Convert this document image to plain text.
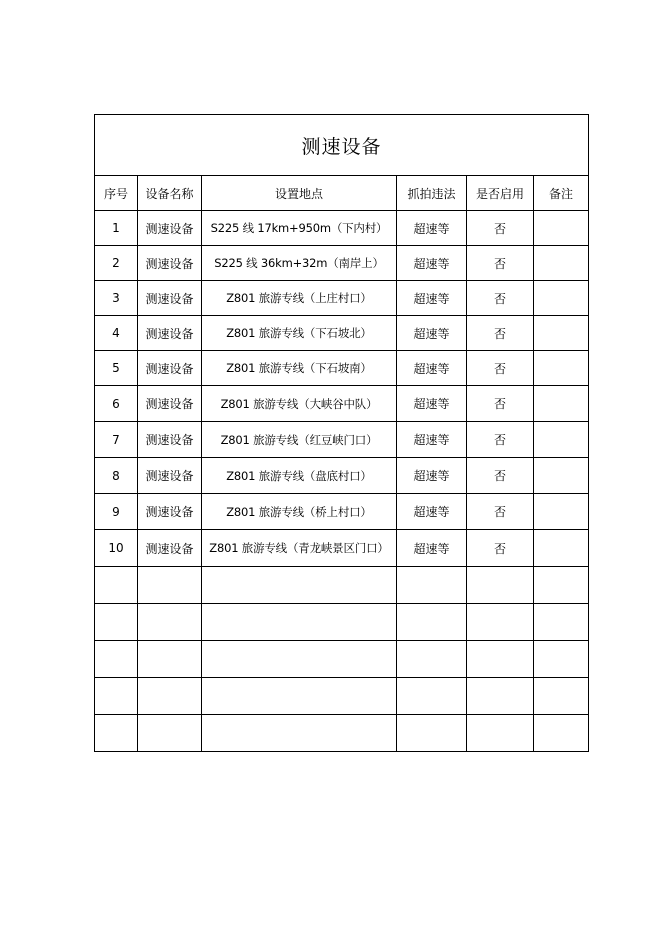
测速设备					
序号	设备名称	设置地点	抓拍违法	是否启用	备注
1	测速设备	S225 线 17km+950m（下内村）	超速等	否	
2	测速设备	S225 线 36km+32m（南岸上）	超速等	否	
3	测速设备	Z801 旅游专线（上庄村口）	超速等	否	
4	测速设备	Z801 旅游专线（下石坡北）	超速等	否	
5	测速设备	Z801 旅游专线（下石坡南）	超速等	否	
6	测速设备	Z801 旅游专线（大峡谷中队）	超速等	否	
7	测速设备	Z801 旅游专线（红豆峡门口）	超速等	否	
8	测速设备	Z801 旅游专线（盘底村口）	超速等	否	
9	测速设备	Z801 旅游专线（桥上村口）	超速等	否	
10	测速设备	Z801 旅游专线（青龙峡景区门口）	超速等	否	
